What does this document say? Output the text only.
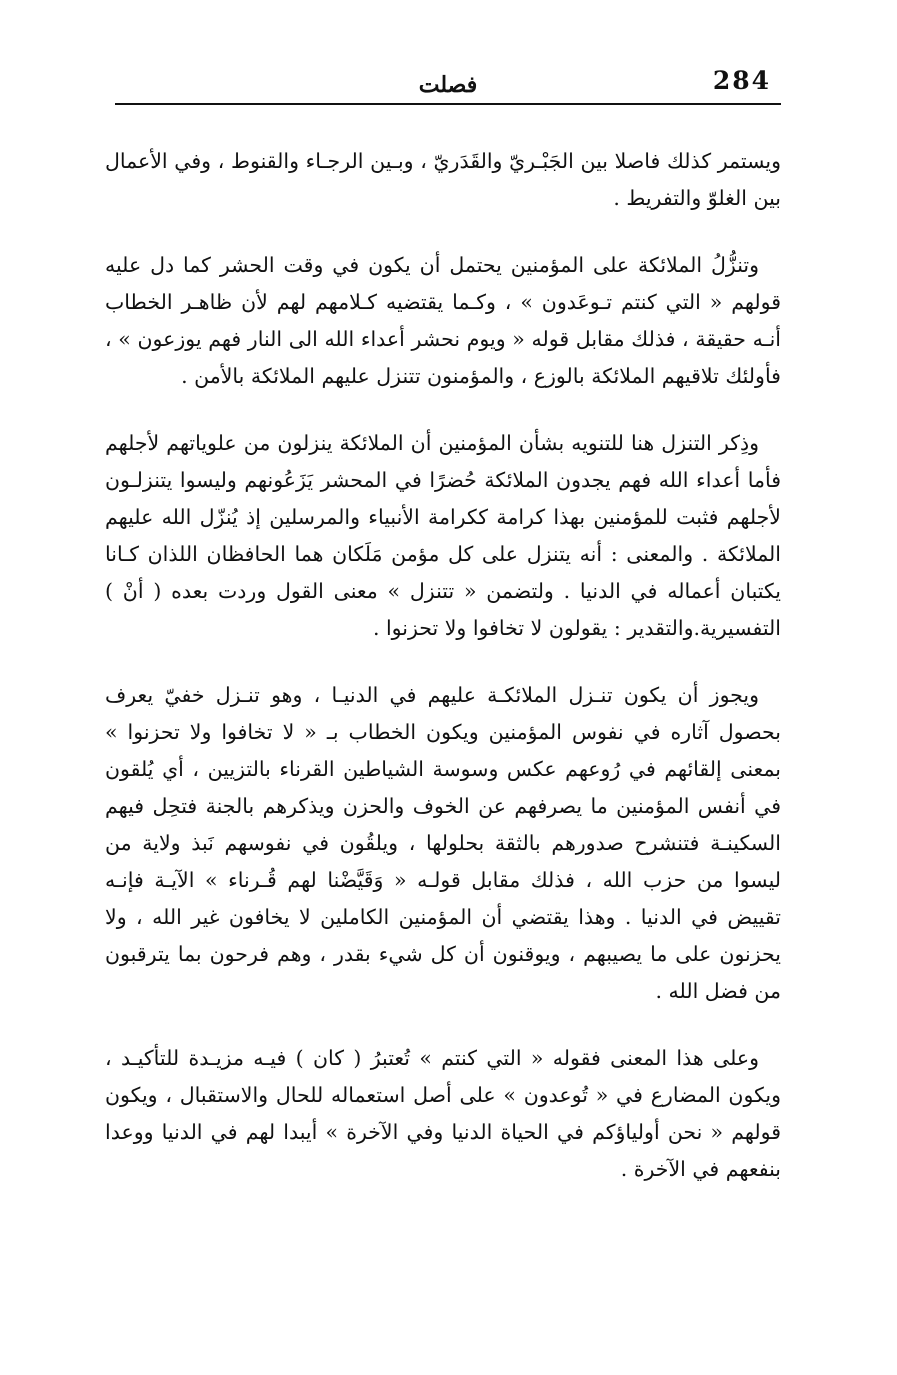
284
فصلت

ويستمر كذلك فاصلا بين الجَبْـريّ والقَدَريّ ، وبـين الرجـاء والقنوط ، وفي الأعمال بين الغلوّ والتفريط .

وتنزُّلُ الملائكة على المؤمنين يحتمل أن يكون في وقت الحشر كما دل عليه قولهم « التي كنتم تـوعَدون » ، وكـما يقتضيه كـلامهم لهم لأن ظاهـر الخطاب أنـه حقيقة ، فذلك مقابل قوله « ويوم نحشر أعداء الله الى النار فهم يوزعون » ، فأولئك تلاقيهم الملائكة بالوزع ، والمؤمنون تتنزل عليهم الملائكة بالأمن .

وذِكر التنزل هنا للتنويه بشأن المؤمنين أن الملائكة ينزلون من علوياتهم لأجلهم فأما أعداء الله فهم يجدون الملائكة حُضرًا في المحشر يَزَعُونهم وليسوا يتنزلـون لأجلهم فثبت للمؤمنين بهذا كرامة ككرامة الأنبياء والمرسلين إذ يُنزّل الله عليهم الملائكة . والمعنى : أنه يتنزل على كل مؤمن مَلَكان هما الحافظان اللذان كـانا يكتبان أعماله في الدنيا . ولتضمن « تتنزل » معنى القول وردت بعده ( أنْ ) التفسيرية.والتقدير : يقولون لا تخافوا ولا تحزنوا .

ويجوز أن يكون تنـزل الملائكـة عليهم في الدنيـا ، وهو تنـزل خفيّ يعرف بحصول آثاره في نفوس المؤمنين ويكون الخطاب بـ « لا تخافوا ولا تحزنوا » بمعنى إلقائهم في رُوعهم عكس وسوسة الشياطين القرناء بالتزيين ، أي يُلقون في أنفس المؤمنين ما يصرفهم عن الخوف والحزن ويذكرهم بالجنة فتحِل فيهم السكينـة فتنشرح صدورهم بالثقة بحلولها ، ويلقُون في نفوسهم نَبذ ولاية من ليسوا من حزب الله ، فذلك مقابل قولـه « وَقَيَّضْنا لهم قُـرناء » الآيـة فإنـه تقييض في الدنيا . وهذا يقتضي أن المؤمنين الكاملين لا يخافون غير الله ، ولا يحزنون على ما يصيبهم ، ويوقنون أن كل شيء بقدر ، وهم فرحون بما يترقبون من فضل الله .

وعلى هذا المعنى فقوله « التي كنتم » تُعتبرُ ( كان ) فيـه مزيـدة للتأكيـد ، ويكون المضارع في « تُوعدون » على أصل استعماله للحال والاستقبال ، ويكون قولهم « نحن أولياؤكم في الحياة الدنيا وفي الآخرة » أيبدا لهم في الدنيا ووعدا بنفعهم في الآخرة .
